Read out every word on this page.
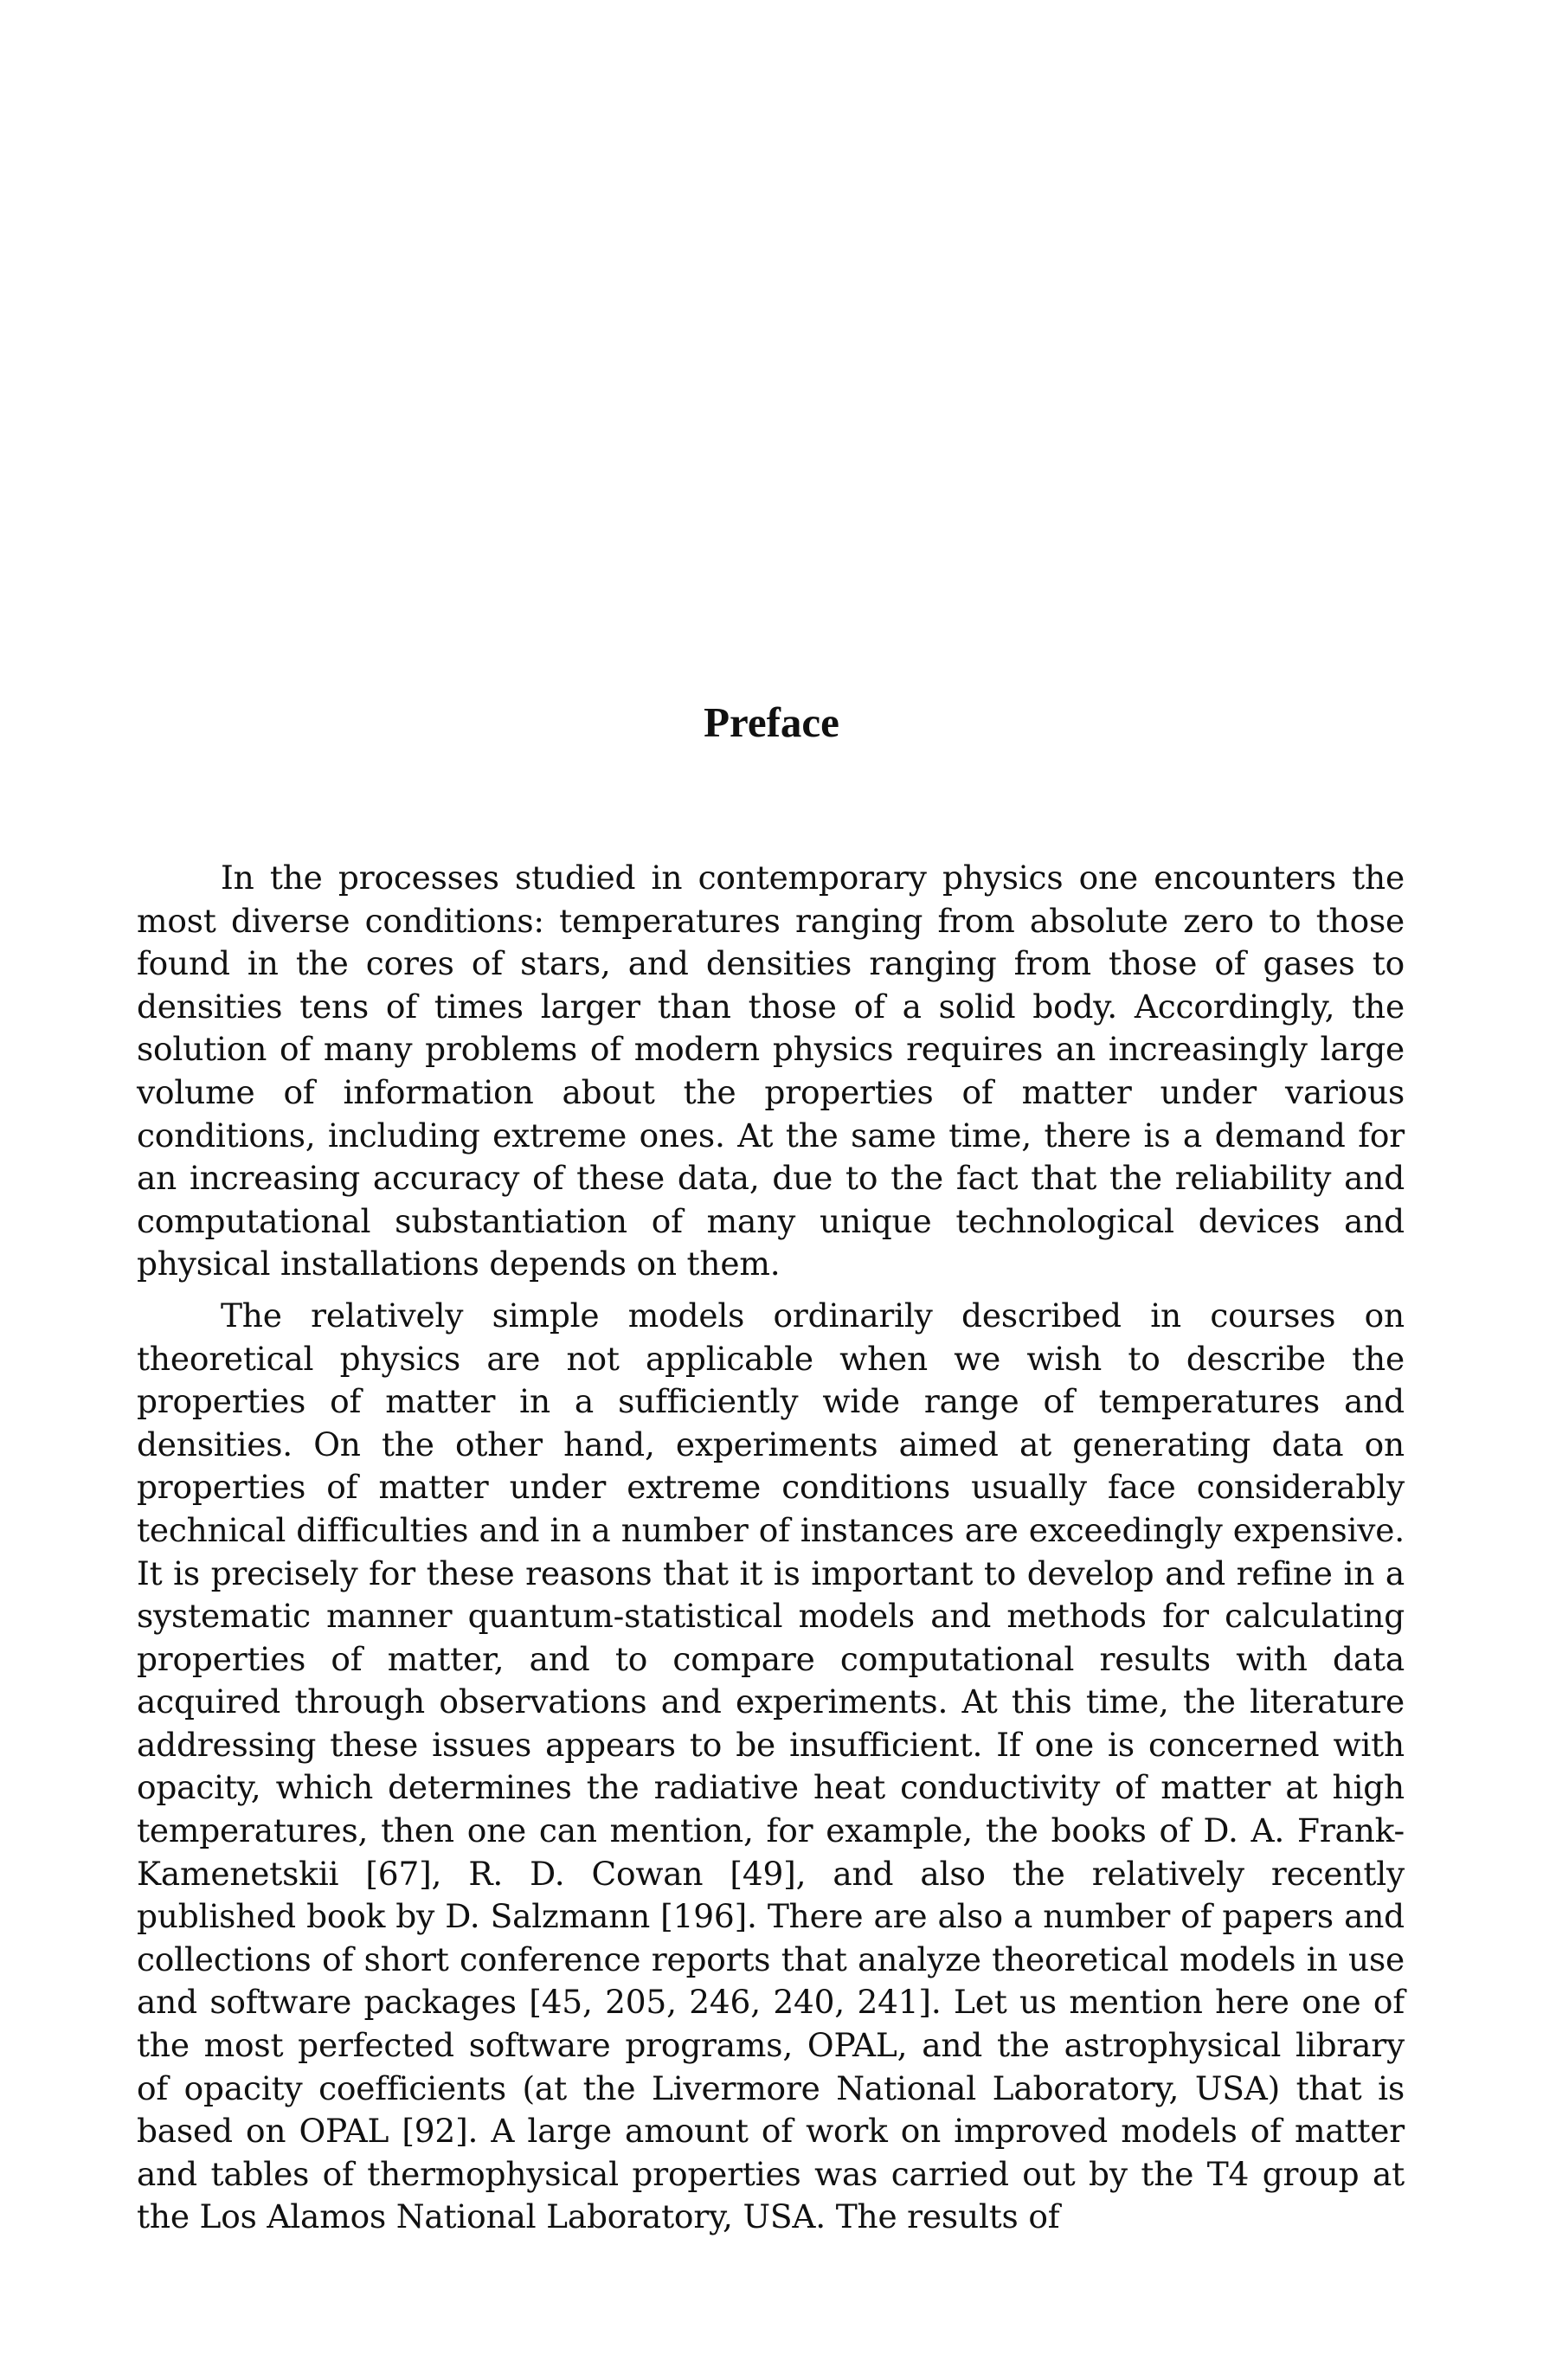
Preface

In the processes studied in contemporary physics one encounters the most diverse conditions: temperatures ranging from absolute zero to those found in the cores of stars, and densities ranging from those of gases to densities tens of times larger than those of a solid body. Accordingly, the solution of many problems of modern physics requires an increasingly large volume of information about the properties of matter under various conditions, including extreme ones. At the same time, there is a demand for an increasing accuracy of these data, due to the fact that the reliability and computational substantiation of many unique technological devices and physical installations depends on them.

The relatively simple models ordinarily described in courses on theoretical physics are not applicable when we wish to describe the properties of matter in a sufficiently wide range of temperatures and densities. On the other hand, experiments aimed at generating data on properties of matter under extreme conditions usually face considerably technical difficulties and in a number of instances are exceedingly expensive. It is precisely for these reasons that it is important to develop and refine in a systematic manner quantum-statistical models and methods for calculating properties of matter, and to compare computational results with data acquired through observations and experiments. At this time, the literature addressing these issues appears to be insufficient. If one is concerned with opacity, which determines the radiative heat conductivity of matter at high temperatures, then one can mention, for example, the books of D. A. Frank-Kamenetskii [67], R. D. Cowan [49], and also the relatively recently published book by D. Salzmann [196]. There are also a number of papers and collections of short conference reports that analyze theoretical models in use and software packages [45, 205, 246, 240, 241]. Let us mention here one of the most perfected software programs, OPAL, and the astrophysical library of opacity coefficients (at the Livermore National Laboratory, USA) that is based on OPAL [92]. A large amount of work on improved models of matter and tables of thermophysical properties was carried out by the T4 group at the Los Alamos National Laboratory, USA. The results of
